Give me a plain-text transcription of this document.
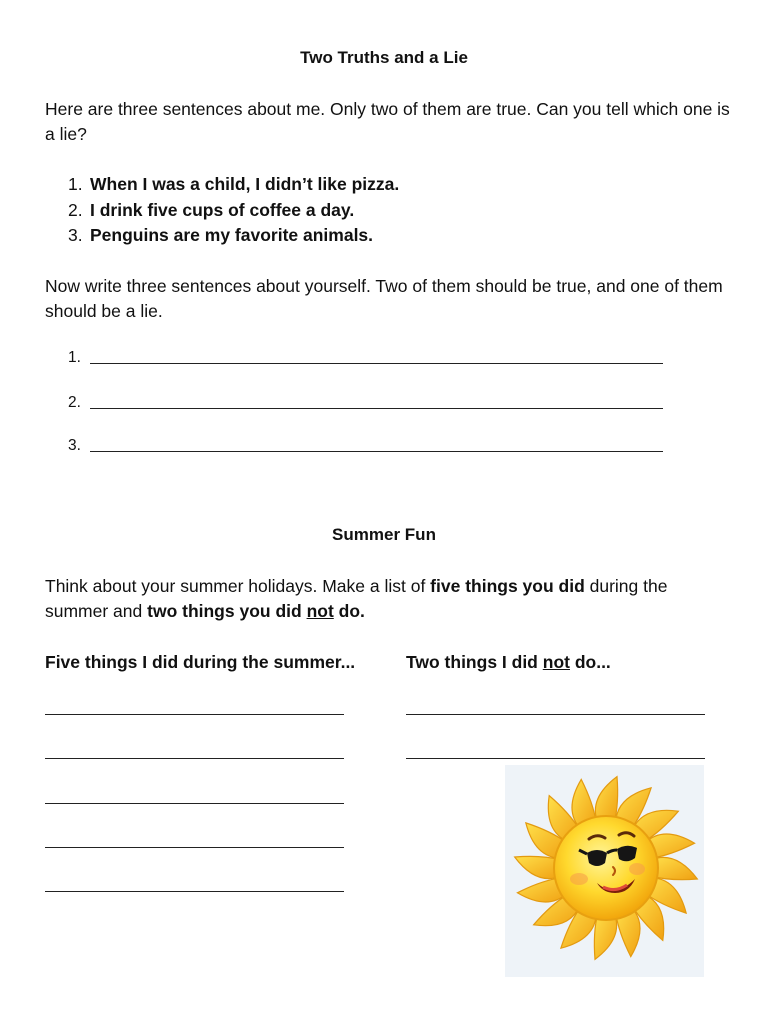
Two Truths and a Lie
Here are three sentences about me. Only two of them are true. Can you tell which one is a lie?
1. When I was a child, I didn’t like pizza.
2. I drink five cups of coffee a day.
3. Penguins are my favorite animals.
Now write three sentences about yourself. Two of them should be true, and one of them should be a lie.
1.
2.
3.
Summer Fun
Think about your summer holidays. Make a list of five things you did during the summer and two things you did not do.
Five things I did during the summer...	Two things I did not do...
